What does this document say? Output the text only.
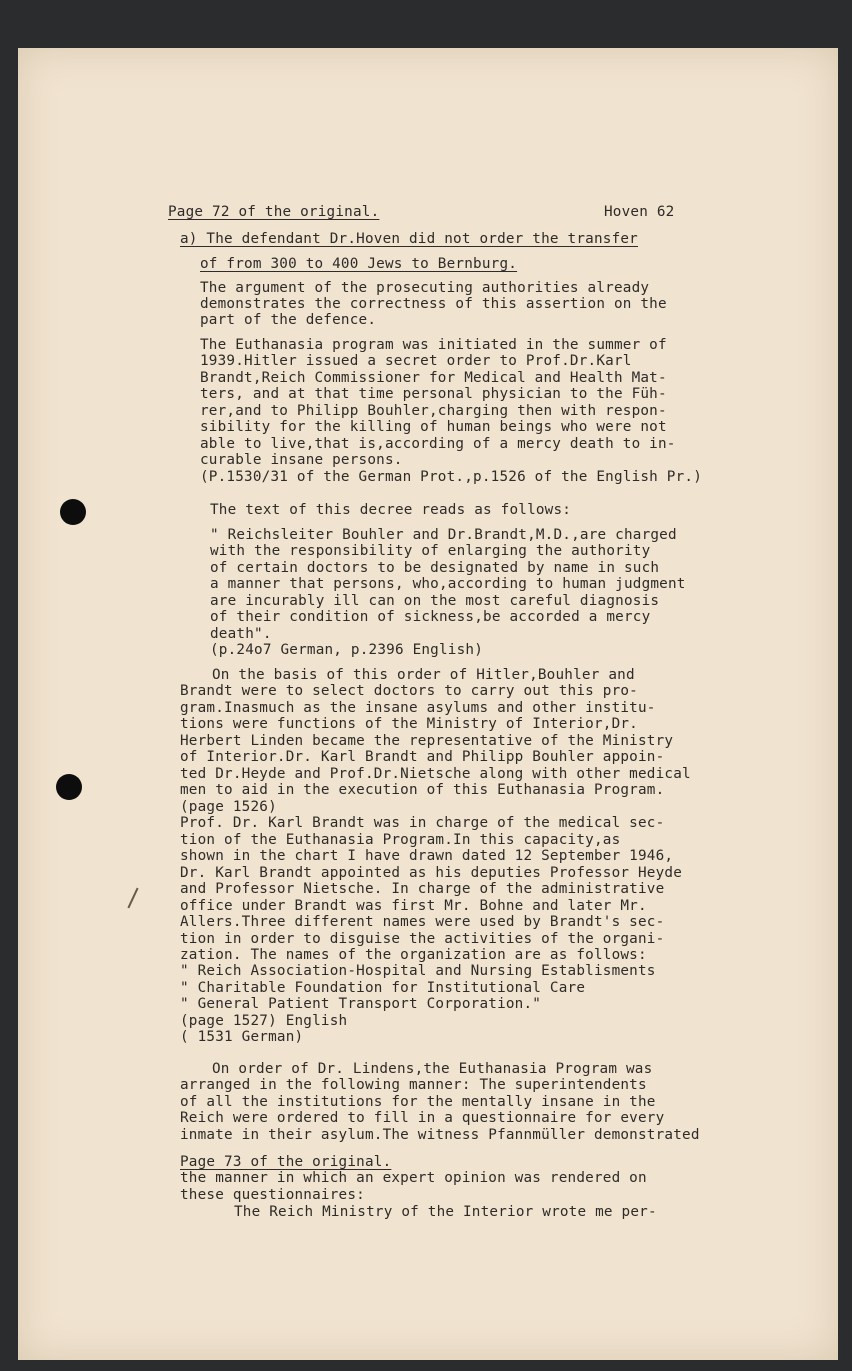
Page 72 of the original.	Hoven 62
a) The defendant Dr.Hoven did not order the transfer
of from 300 to 400 Jews to Bernburg.
The argument of the prosecuting authorities already
demonstrates the correctness of this assertion on the
part of the defence.
The Euthanasia program was initiated in the summer of
1939.Hitler issued a secret order to Prof.Dr.Karl
Brandt,Reich Commissioner for Medical and Health Mat-
ters, and at that time personal physician to the Füh-
rer,and to Philipp Bouhler,charging then with respon-
sibility for the killing of human beings who were not
able to live,that is,according of a mercy death to in-
curable insane persons.
(P.1530/31 of the German Prot.,p.1526 of the English Pr.)
The text of this decree reads as follows:
" Reichsleiter Bouhler and Dr.Brandt,M.D.,are charged
with the responsibility of enlarging the authority
of certain doctors to be designated by name in such
a manner that persons, who,according to human judgment
are incurably ill can on the most careful diagnosis
of their condition of sickness,be accorded a mercy
death".
(p.24o7 German, p.2396 English)
On the basis of this order of Hitler,Bouhler and
Brandt were to select doctors to carry out this pro-
gram.Inasmuch as the insane asylums and other institu-
tions were functions of the Ministry of Interior,Dr.
Herbert Linden became the representative of the Ministry
of Interior.Dr. Karl Brandt and Philipp Bouhler appoin-
ted Dr.Heyde and Prof.Dr.Nietsche along with other medical
men to aid in the execution of this Euthanasia Program.
(page 1526)
Prof. Dr. Karl Brandt was in charge of the medical sec-
tion of the Euthanasia Program.In this capacity,as
shown in the chart I have drawn dated 12 September 1946,
Dr. Karl Brandt appointed as his deputies Professor Heyde
and Professor Nietsche. In charge of the administrative
office under Brandt was first Mr. Bohne and later Mr.
Allers.Three different names were used by Brandt's sec-
tion in order to disguise the activities of the organi-
zation. The names of the organization are as follows:
" Reich Association-Hospital and Nursing Establisments
" Charitable Foundation for Institutional Care
" General Patient Transport Corporation."
(page 1527) English
( 1531 German)
On order of Dr. Lindens,the Euthanasia Program was
arranged in the following manner: The superintendents
of all the institutions for the mentally insane in the
Reich were ordered to fill in a questionnaire for every
inmate in their asylum.The witness Pfannmüller demonstrated
Page 73 of the original.
the manner in which an expert opinion was rendered on
these questionnaires:
The Reich Ministry of the Interior wrote me per-
